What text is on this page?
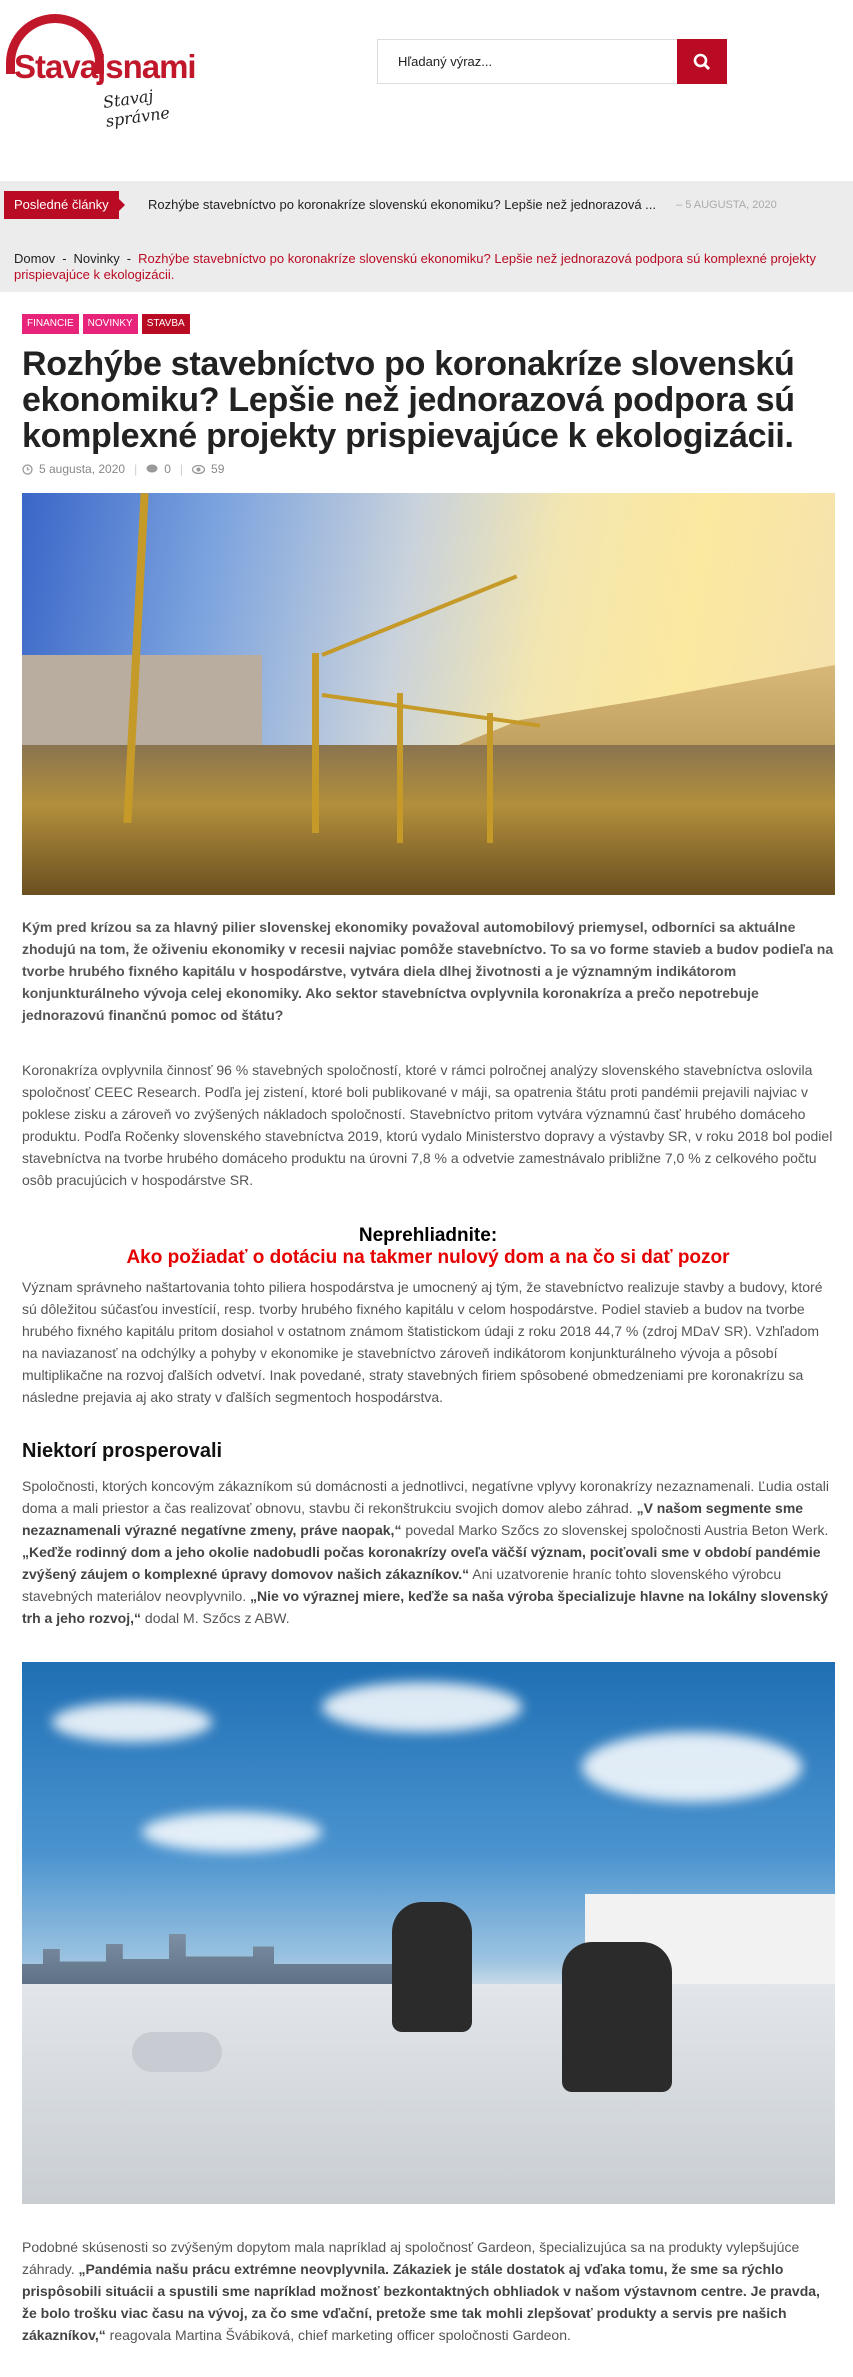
Stavajsnami
Stavaj správne
Hľadaný výraz...
Posledné články	Rozhýbe stavebníctvo po koronakríze slovenskú ekonomiku? Lepšie než jednorazová ...	– 5 AUGUSTA, 2020
Domov - Novinky - Rozhýbe stavebníctvo po koronakríze slovenskú ekonomiku? Lepšie než jednorazová podpora sú komplexné projekty prispievajúce k ekologizácii.
FINANCIE	NOVINKY	STAVBA
Rozhýbe stavebníctvo po koronakríze slovenskú ekonomiku? Lepšie než jednorazová podpora sú komplexné projekty prispievajúce k ekologizácii.
5 augusta, 2020 | 0 | 59

Kým pred krízou sa za hlavný pilier slovenskej ekonomiky považoval automobilový priemysel, odborníci sa aktuálne zhodujú na tom, že oživeniu ekonomiky v recesii najviac pomôže stavebníctvo. To sa vo forme stavieb a budov podieľa na tvorbe hrubého fixného kapitálu v hospodárstve, vytvára diela dlhej životnosti a je významným indikátorom konjunkturálneho vývoja celej ekonomiky. Ako sektor stavebníctva ovplyvnila koronakríza a prečo nepotrebuje jednorazovú finančnú pomoc od štátu?

Koronakríza ovplyvnila činnosť 96 % stavebných spoločností, ktoré v rámci polročnej analýzy slovenského stavebníctva oslovila spoločnosť CEEC Research. Podľa jej zistení, ktoré boli publikované v máji, sa opatrenia štátu proti pandémii prejavili najviac v poklese zisku a zároveň vo zvýšených nákladoch spoločností. Stavebníctvo pritom vytvára významnú časť hrubého domáceho produktu. Podľa Ročenky slovenského stavebníctva 2019, ktorú vydalo Ministerstvo dopravy a výstavby SR, v roku 2018 bol podiel stavebníctva na tvorbe hrubého domáceho produktu na úrovni 7,8 % a odvetvie zamestnávalo približne 7,0 % z celkového počtu osôb pracujúcich v hospodárstve SR.

Neprehliadnite:
Ako požiadať o dotáciu na takmer nulový dom a na čo si dať pozor

Význam správneho naštartovania tohto piliera hospodárstva je umocnený aj tým, že stavebníctvo realizuje stavby a budovy, ktoré sú dôležitou súčasťou investícií, resp. tvorby hrubého fixného kapitálu v celom hospodárstve. Podiel stavieb a budov na tvorbe hrubého fixného kapitálu pritom dosiahol v ostatnom známom štatistickom údaji z roku 2018 44,7 % (zdroj MDaV SR). Vzhľadom na naviazanosť na odchýlky a pohyby v ekonomike je stavebníctvo zároveň indikátorom konjunkturálneho vývoja a pôsobí multiplikačne na rozvoj ďalších odvetví. Inak povedané, straty stavebných firiem spôsobené obmedzeniami pre koronakrízu sa následne prejavia aj ako straty v ďalších segmentoch hospodárstva.

Niektorí prosperovali

Spoločnosti, ktorých koncovým zákazníkom sú domácnosti a jednotlivci, negatívne vplyvy koronakrízy nezaznamenali. Ľudia ostali doma a mali priestor a čas realizovať obnovu, stavbu či rekonštrukciu svojich domov alebo záhrad. „V našom segmente sme nezaznamenali výrazné negatívne zmeny, práve naopak,“ povedal Marko Szőcs zo slovenskej spoločnosti Austria Beton Werk. „Keďže rodinný dom a jeho okolie nadobudli počas koronakrízy oveľa väčší význam, pociťovali sme v období pandémie zvýšený záujem o komplexné úpravy domovov našich zákazníkov.“ Ani uzatvorenie hraníc tohto slovenského výrobcu stavebných materiálov neovplyvnilo. „Nie vo výraznej miere, keďže sa naša výroba špecializuje hlavne na lokálny slovenský trh a jeho rozvoj,“ dodal M. Szőcs z ABW.

Podobné skúsenosti so zvýšeným dopytom mala napríklad aj spoločnosť Gardeon, špecializujúca sa na produkty vylepšujúce záhrady. „Pandémia našu prácu extrémne neovplyvnila. Zákaziek je stále dostatok aj vďaka tomu, že sme sa rýchlo prispôsobili situácii a spustili sme napríklad možnosť bezkontaktných obhliadok v našom výstavnom centre. Je pravda, že bolo trošku viac času na vývoj, za čo sme vďační, pretože sme tak mohli zlepšovať produkty a servis pre našich zákazníkov,“ reagovala Martina Švábiková, chief marketing officer spoločnosti Gardeon.
